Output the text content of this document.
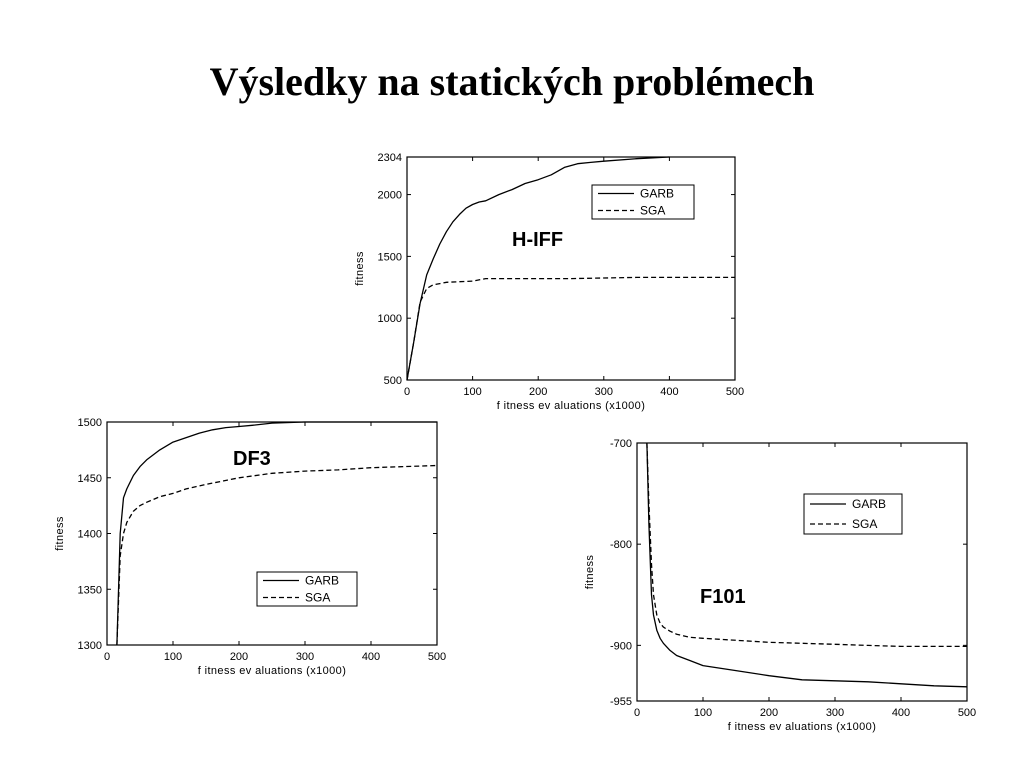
Výsledky na statických problémech
0	100	200	300	400	500
500
1000
1500
2000
2304
f itness ev aluations (x1000)
fitness
H-IFF
GARB
SGA
0	100	200	300	400	500
1300
1350
1400
1450
1500
f itness ev aluations (x1000)
fitness
DF3
GARB
SGA
0	100	200	300	400	500
-955
-900
-800
-700
f itness ev aluations (x1000)
fitness
F101
GARB
SGA
